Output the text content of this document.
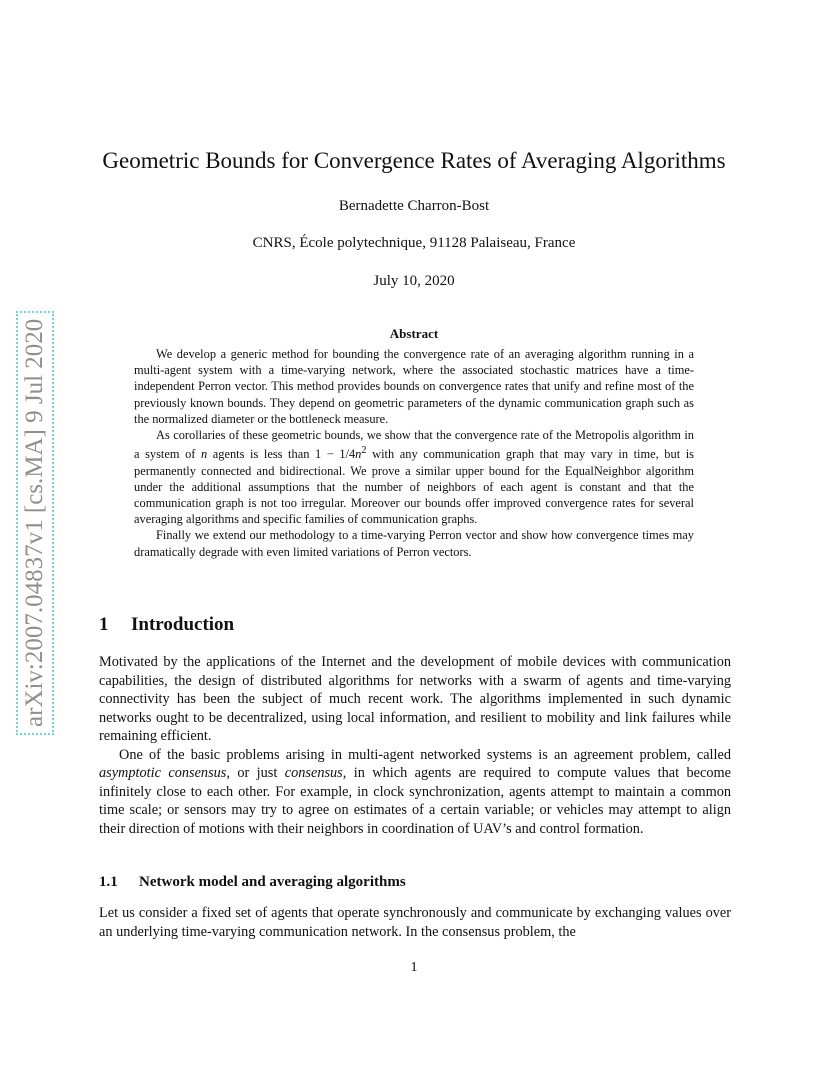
arXiv:2007.04837v1 [cs.MA] 9 Jul 2020
Geometric Bounds for Convergence Rates of Averaging Algorithms
Bernadette Charron-Bost
CNRS, École polytechnique, 91128 Palaiseau, France
July 10, 2020
Abstract

We develop a generic method for bounding the convergence rate of an averaging algorithm running in a multi-agent system with a time-varying network, where the associated stochastic matrices have a time-independent Perron vector. This method provides bounds on convergence rates that unify and refine most of the previously known bounds. They depend on geometric parameters of the dynamic communication graph such as the normalized diameter or the bottleneck measure.

As corollaries of these geometric bounds, we show that the convergence rate of the Metropolis algorithm in a system of n agents is less than $1 - 1/4n^2$ with any communication graph that may vary in time, but is permanently connected and bidirectional. We prove a similar upper bound for the EqualNeighbor algorithm under the additional assumptions that the number of neighbors of each agent is constant and that the communication graph is not too irregular. Moreover our bounds offer improved convergence rates for several averaging algorithms and specific families of communication graphs.

Finally we extend our methodology to a time-varying Perron vector and show how convergence times may dramatically degrade with even limited variations of Perron vectors.

1 Introduction

Motivated by the applications of the Internet and the development of mobile devices with communication capabilities, the design of distributed algorithms for networks with a swarm of agents and time-varying connectivity has been the subject of much recent work. The algorithms implemented in such dynamic networks ought to be decentralized, using local information, and resilient to mobility and link failures while remaining efficient.

One of the basic problems arising in multi-agent networked systems is an agreement problem, called asymptotic consensus, or just consensus, in which agents are required to compute values that become infinitely close to each other. For example, in clock synchronization, agents attempt to maintain a common time scale; or sensors may try to agree on estimates of a certain variable; or vehicles may attempt to align their direction of motions with their neighbors in coordination of UAV’s and control formation.

1.1 Network model and averaging algorithms

Let us consider a fixed set of agents that operate synchronously and communicate by exchanging values over an underlying time-varying communication network. In the consensus problem, the

1
